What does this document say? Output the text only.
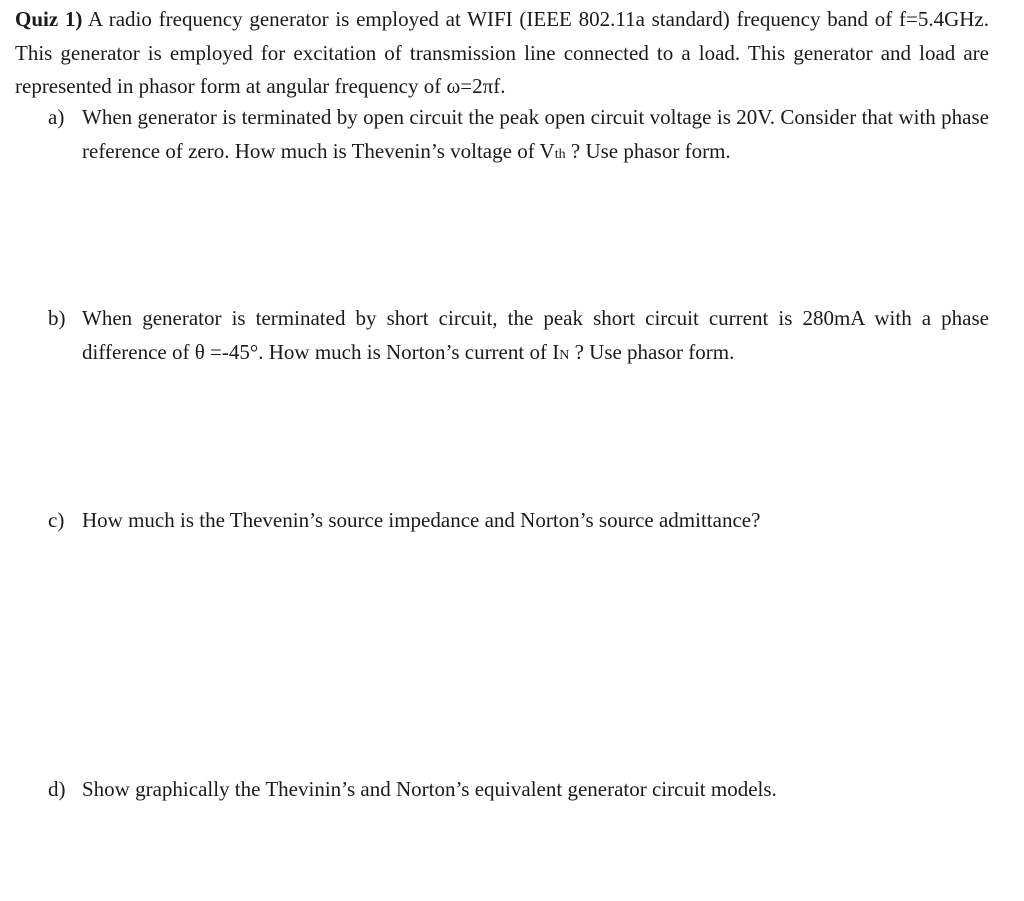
Quiz 1) A radio frequency generator is employed at WIFI (IEEE 802.11a standard) frequency band of f=5.4GHz. This generator is employed for excitation of transmission line connected to a load. This generator and load are represented in phasor form at angular frequency of ω=2πf.

a) When generator is terminated by open circuit the peak open circuit voltage is 20V. Consider that with phase reference of zero. How much is Thevenin’s voltage of Vth ? Use phasor form.
b) When generator is terminated by short circuit, the peak short circuit current is 280mA with a phase difference of θ =-45°. How much is Norton’s current of IN ? Use phasor form.
c) How much is the Thevenin’s source impedance and Norton’s source admittance?
d) Show graphically the Thevinin’s and Norton’s equivalent generator circuit models.
